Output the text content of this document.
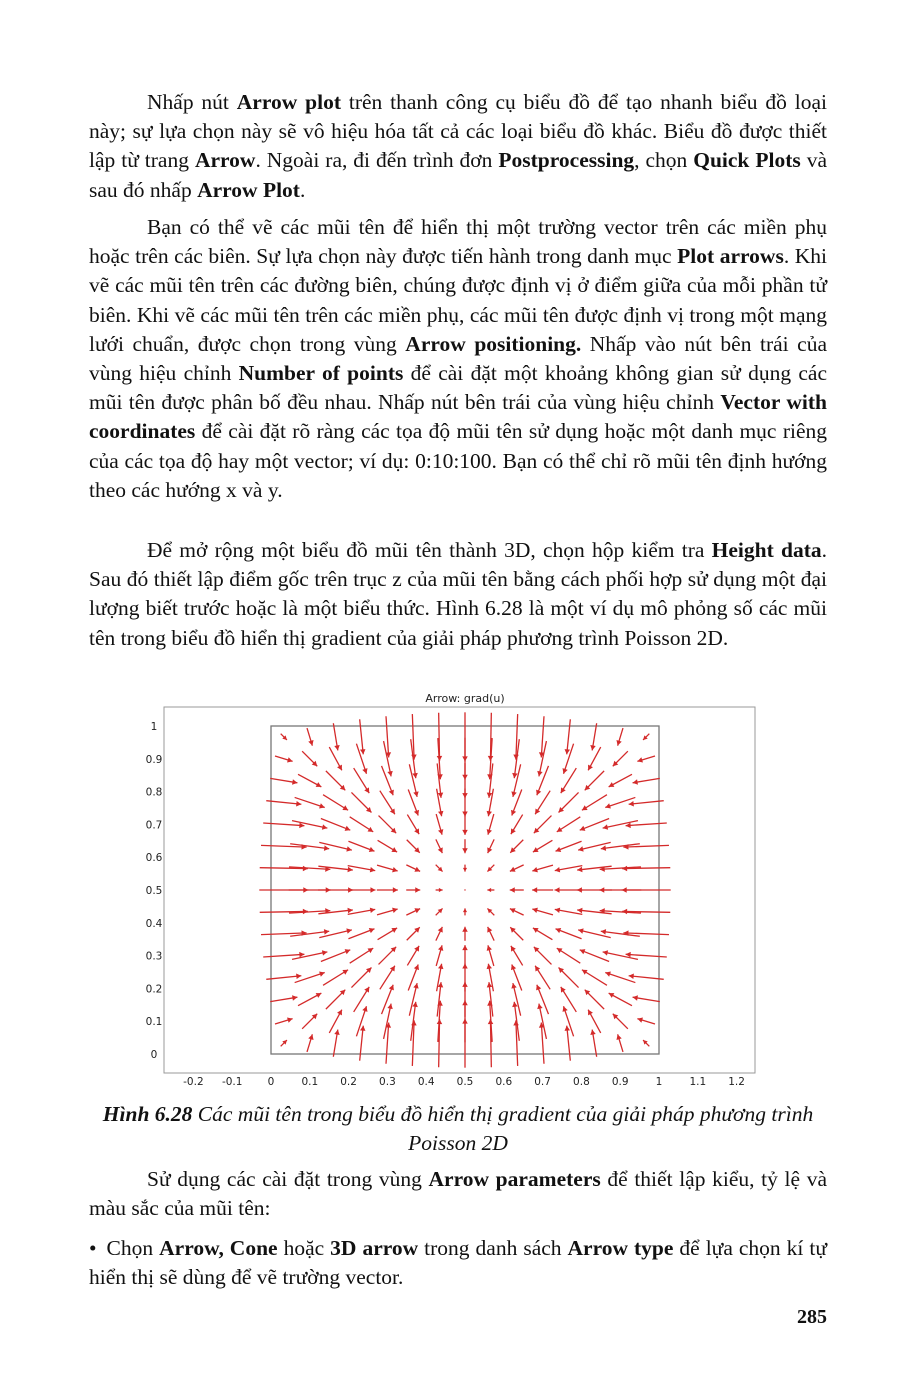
Nhấp nút Arrow plot trên thanh công cụ biểu đồ để tạo nhanh biểu đồ loại này; sự lựa chọn này sẽ vô hiệu hóa tất cả các loại biểu đồ khác. Biểu đồ được thiết lập từ trang Arrow. Ngoài ra, đi đến trình đơn Postprocessing, chọn Quick Plots và sau đó nhấp Arrow Plot.

Bạn có thể vẽ các mũi tên để hiển thị một trường vector trên các miền phụ hoặc trên các biên. Sự lựa chọn này được tiến hành trong danh mục Plot arrows. Khi vẽ các mũi tên trên các đường biên, chúng được định vị ở điểm giữa của mỗi phần tử biên. Khi vẽ các mũi tên trên các miền phụ, các mũi tên được định vị trong một mạng lưới chuẩn, được chọn trong vùng Arrow positioning. Nhấp vào nút bên trái của vùng hiệu chỉnh Number of points để cài đặt một khoảng không gian sử dụng các mũi tên được phân bố đều nhau. Nhấp nút bên trái của vùng hiệu chỉnh Vector with coordinates để cài đặt rõ ràng các tọa độ mũi tên sử dụng hoặc một danh mục riêng của các tọa độ hay một vector; ví dụ: 0:10:100. Bạn có thể chỉ rõ mũi tên định hướng theo các hướng x và y.

Để mở rộng một biểu đồ mũi tên thành 3D, chọn hộp kiểm tra Height data. Sau đó thiết lập điểm gốc trên trục z của mũi tên bằng cách phối hợp sử dụng một đại lượng biết trước hoặc là một biểu thức. Hình 6.28 là một ví dụ mô phỏng số các mũi tên trong biểu đồ hiển thị gradient của giải pháp phương trình Poisson 2D.

Arrow: grad(u)
0
0.1
0.2
0.3
0.4
0.5
0.6
0.7
0.8
0.9
1
-0.2 -0.1 0	0.1 0.2 0.3 0.4 0.5 0.6 0.7 0.8 0.9	1	1.1 1.2

Hình 6.28 Các mũi tên trong biểu đồ hiển thị gradient của giải pháp phương trình Poisson 2D

Sử dụng các cài đặt trong vùng Arrow parameters để thiết lập kiểu, tỷ lệ và màu sắc của mũi tên:

• Chọn Arrow, Cone hoặc 3D arrow trong danh sách Arrow type để lựa chọn kí tự hiển thị sẽ dùng để vẽ trường vector.

285
